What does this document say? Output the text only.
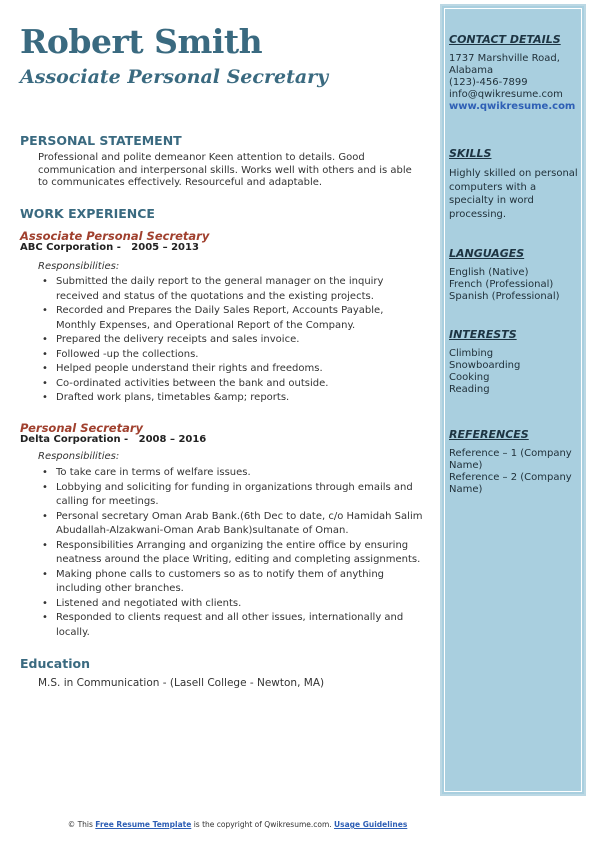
Robert Smith
Associate Personal Secretary
PERSONAL STATEMENT
Professional and polite demeanor Keen attention to details. Good communication and interpersonal skills. Works well with others and is able to communicates effectively. Resourceful and adaptable.
WORK EXPERIENCE
Associate Personal Secretary
ABC Corporation -   2005 – 2013
Responsibilities:
• Submitted the daily report to the general manager on the inquiry received and status of the quotations and the existing projects.
• Recorded and Prepares the Daily Sales Report, Accounts Payable, Monthly Expenses, and Operational Report of the Company.
• Prepared the delivery receipts and sales invoice.
• Followed -up the collections.
• Helped people understand their rights and freedoms.
• Co-ordinated activities between the bank and outside.
• Drafted work plans, timetables &amp; reports.
Personal Secretary
Delta Corporation -   2008 – 2016
Responsibilities:
• To take care in terms of welfare issues.
• Lobbying and soliciting for funding in organizations through emails and calling for meetings.
• Personal secretary Oman Arab Bank.(6th Dec to date, c/o Hamidah Salim Abudallah-Alzakwani-Oman Arab Bank)sultanate of Oman.
• Responsibilities Arranging and organizing the entire office by ensuring neatness around the place Writing, editing and completing assignments.
• Making phone calls to customers so as to notify them of anything including other branches.
• Listened and negotiated with clients.
• Responded to clients request and all other issues, internationally and locally.
Education
M.S. in Communication - (Lasell College - Newton, MA)
CONTACT DETAILS
1737 Marshville Road,
Alabama
(123)-456-7899
info@qwikresume.com
www.qwikresume.com
SKILLS
Highly skilled on personal computers with a specialty in word processing.
LANGUAGES
English (Native)
French (Professional)
Spanish (Professional)
INTERESTS
Climbing
Snowboarding
Cooking
Reading
REFERENCES
Reference – 1 (Company Name)
Reference – 2 (Company Name)
© This Free Resume Template is the copyright of Qwikresume.com. Usage Guidelines
